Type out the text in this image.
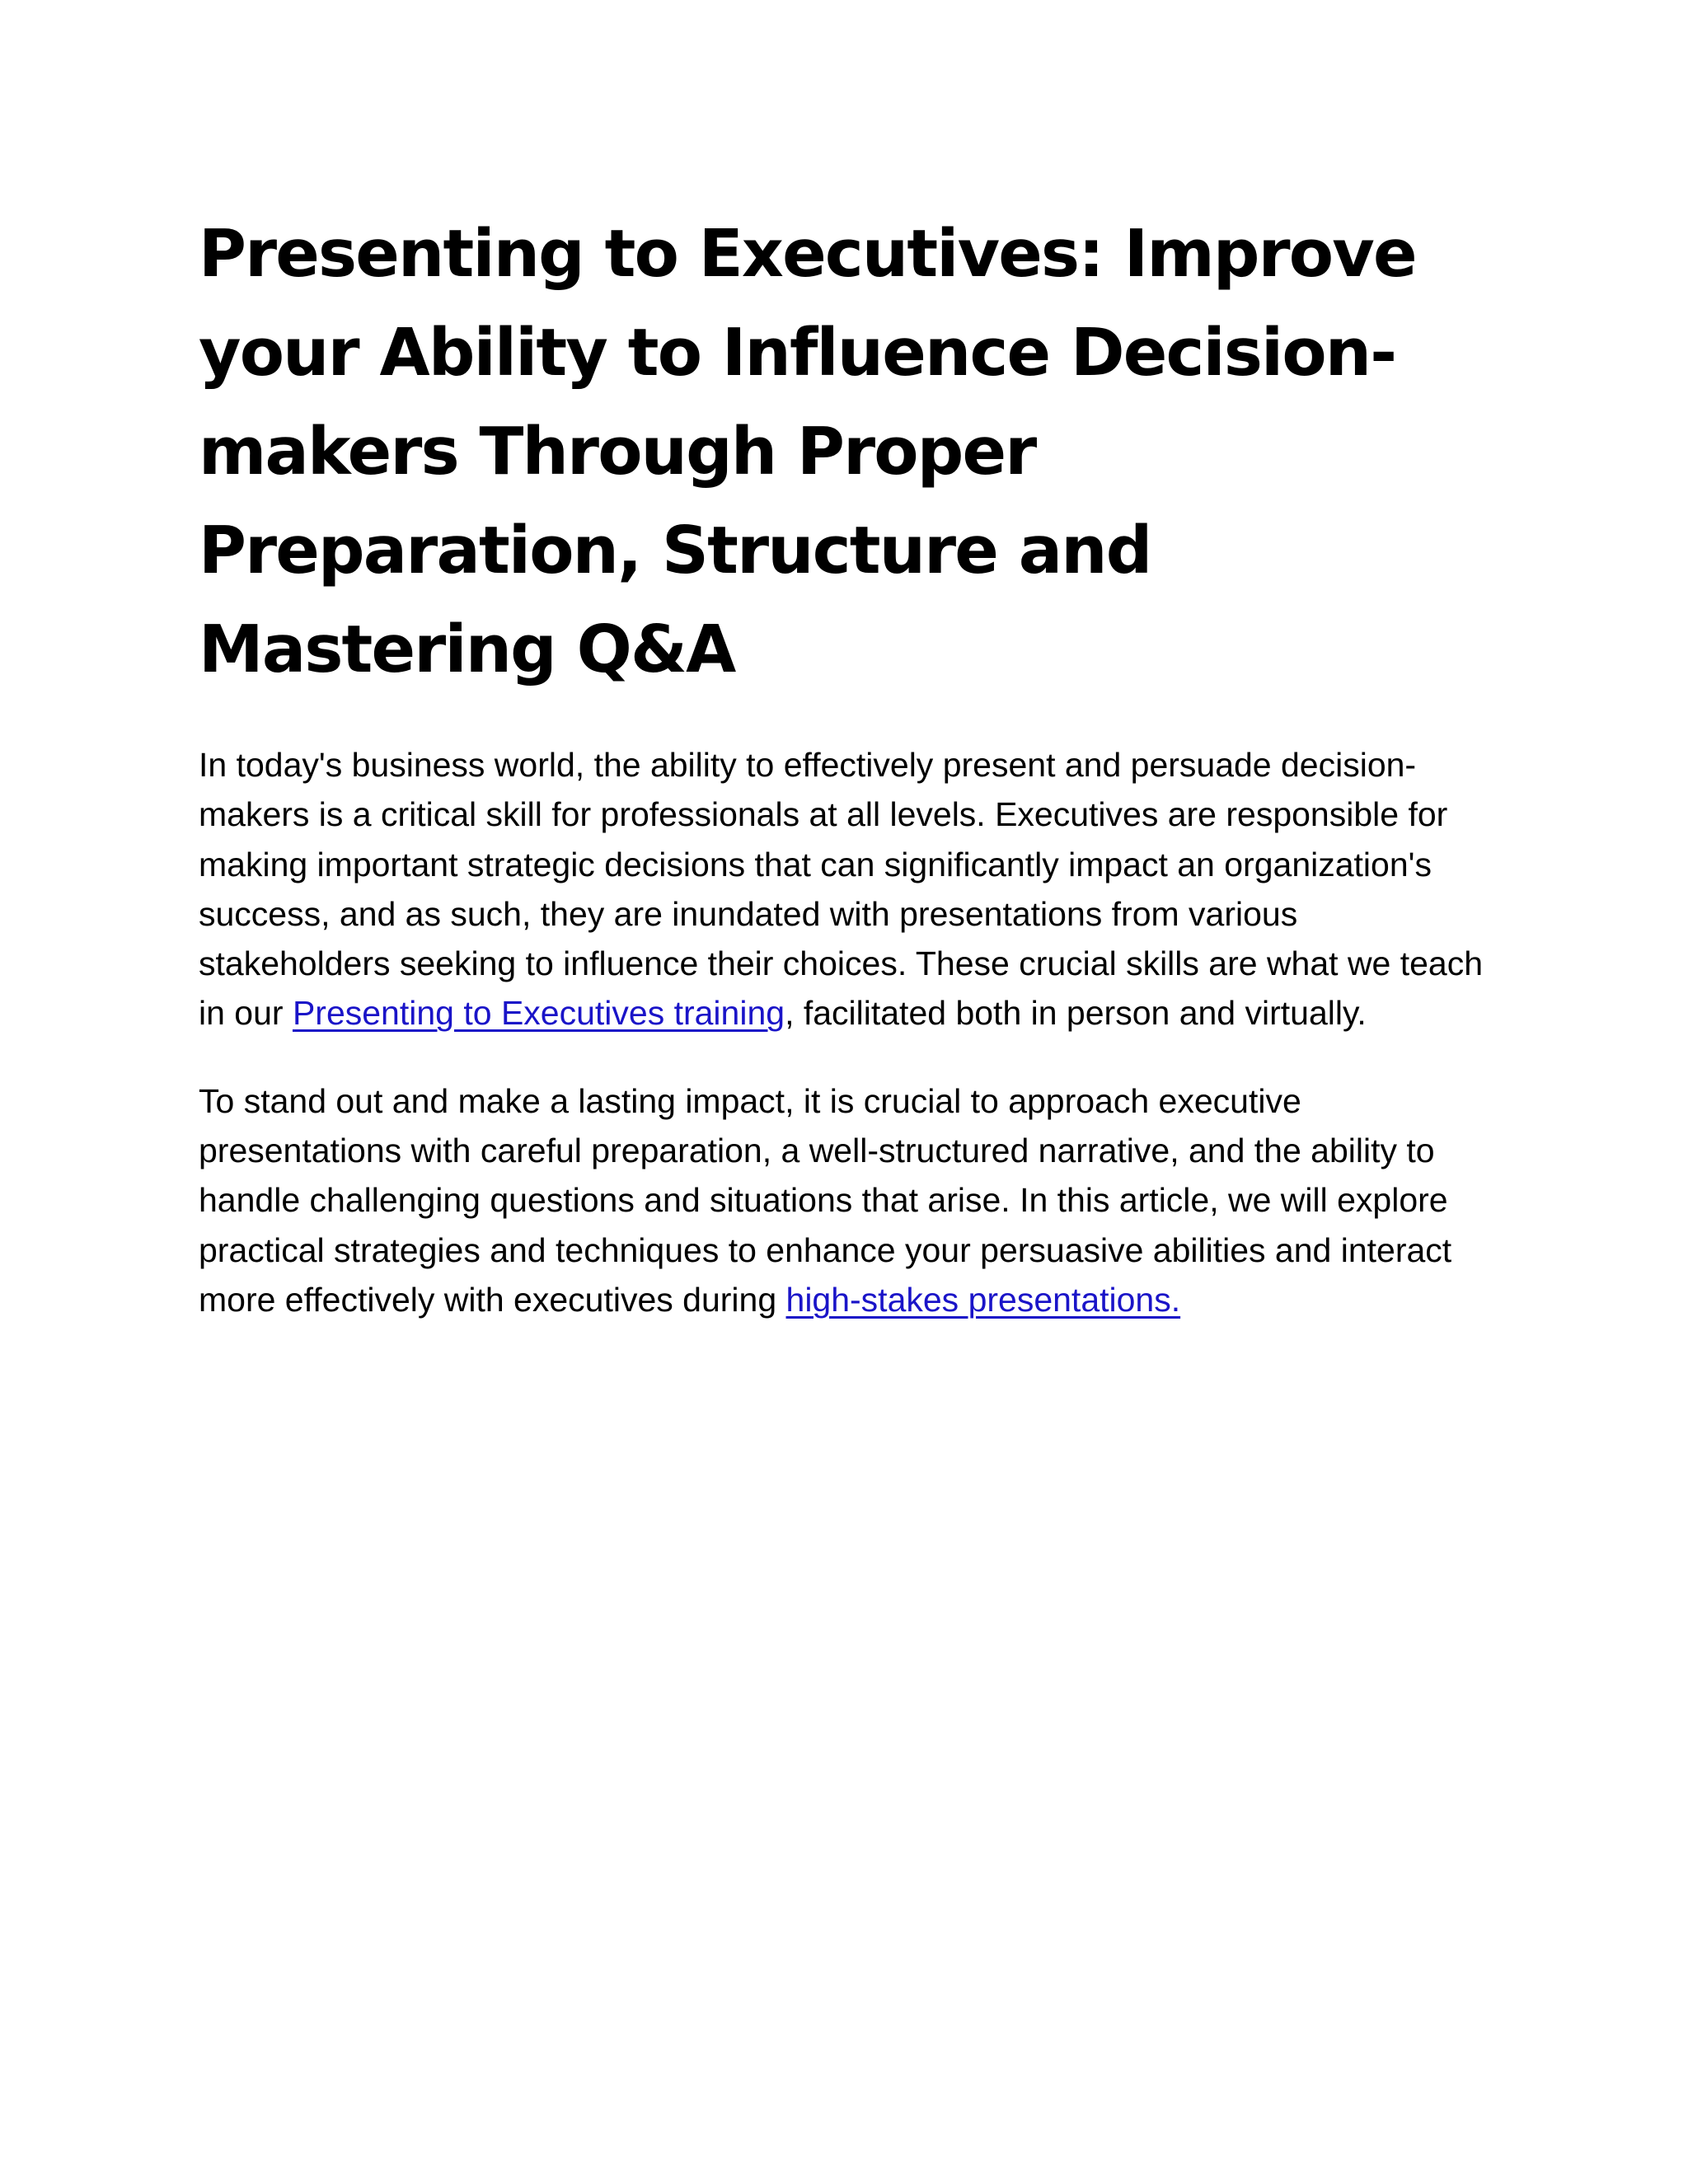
Presenting to Executives: Improve your Ability to Influence Decision-makers Through Proper Preparation, Structure and Mastering Q&A

In today's business world, the ability to effectively present and persuade decision-makers is a critical skill for professionals at all levels. Executives are responsible for making important strategic decisions that can significantly impact an organization's success, and as such, they are inundated with presentations from various stakeholders seeking to influence their choices. These crucial skills are what we teach in our Presenting to Executives training, facilitated both in person and virtually.

To stand out and make a lasting impact, it is crucial to approach executive presentations with careful preparation, a well-structured narrative, and the ability to handle challenging questions and situations that arise. In this article, we will explore practical strategies and techniques to enhance your persuasive abilities and interact more effectively with executives during high-stakes presentations.
